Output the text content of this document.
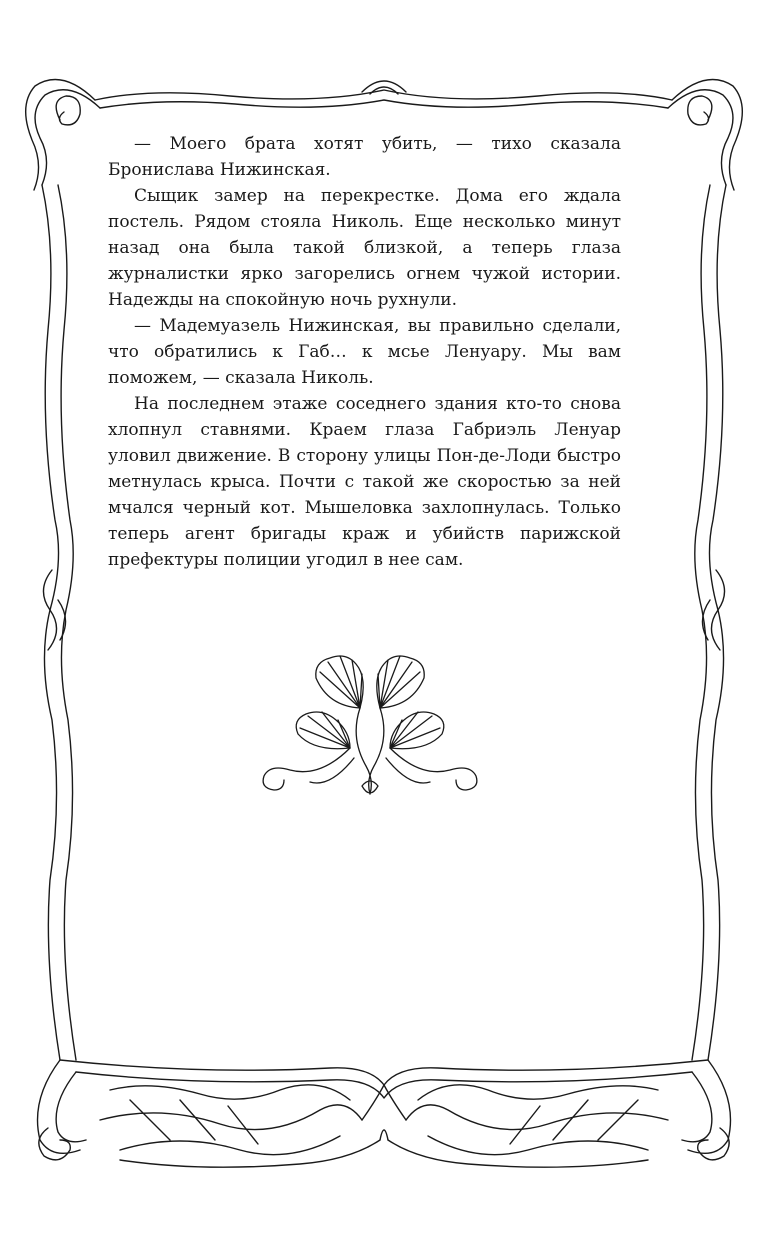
— Моего брата хотят убить, — тихо сказала Бронислава Нижинская.

Сыщик замер на перекрестке. Дома его ждала постель. Рядом стояла Николь. Еще несколько минут назад она была такой близкой, а теперь глаза журналистки ярко загорелись огнем чужой истории. Надежды на спокойную ночь рухнули.

— Мадемуазель Нижинская, вы правильно сделали, что обратились к Габ… к мсье Ленуару. Мы вам поможем, — сказала Николь.

На последнем этаже соседнего здания кто-то снова хлопнул ставнями. Краем глаза Габриэль Ленуар уловил движение. В сторону улицы Пон-де-Лоди быстро метнулась крыса. Почти с такой же скоростью за ней мчался черный кот. Мышеловка захлопнулась. Только теперь агент бригады краж и убийств парижской префектуры полиции угодил в нее сам.
